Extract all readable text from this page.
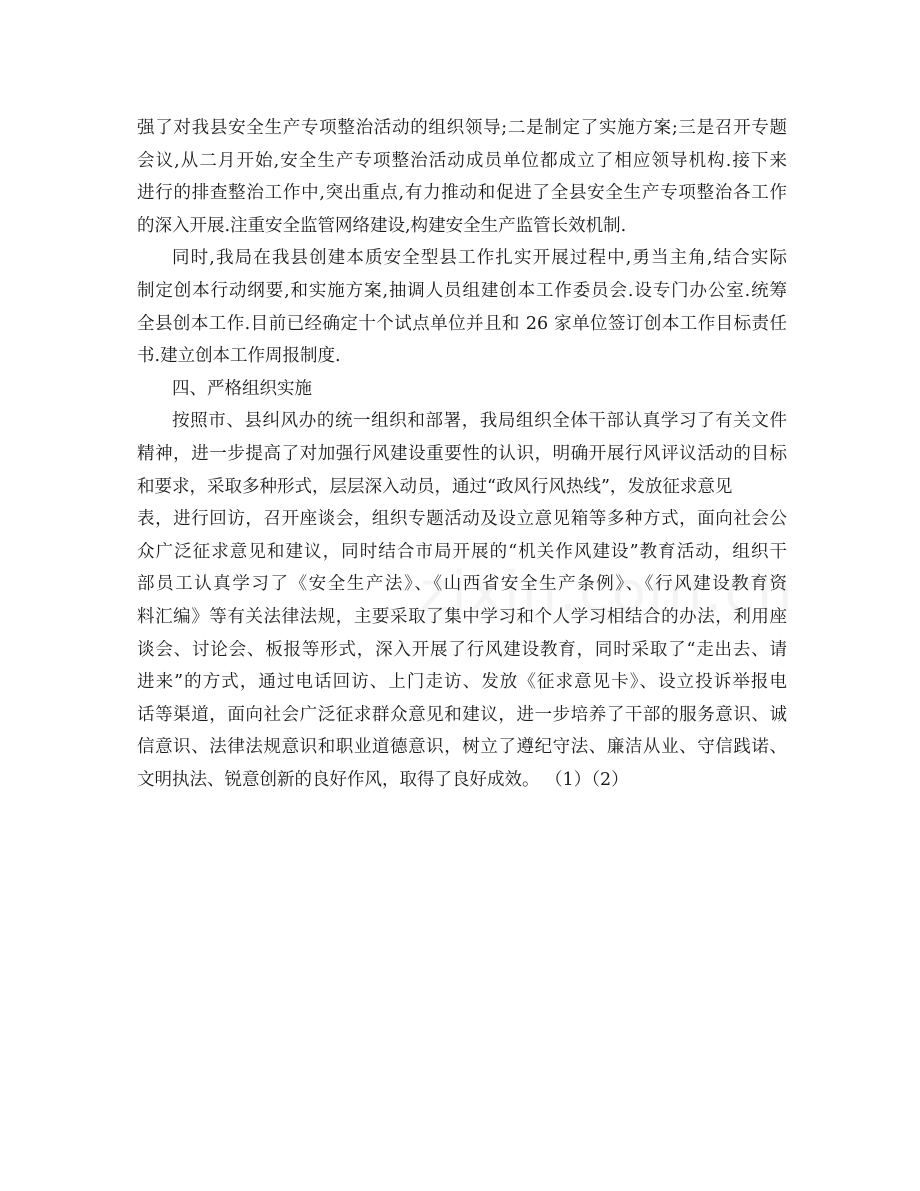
强了对我县安全生产专项整治活动的组织领导;二是制定了实施方案;三是召开专题
会议,从二月开始,安全生产专项整治活动成员单位都成立了相应领导机构.接下来
进行的排查整治工作中,突出重点,有力推动和促进了全县安全生产专项整治各工作
的深入开展.注重安全监管网络建设,构建安全生产监管长效机制.
同时,我局在我县创建本质安全型县工作扎实开展过程中,勇当主角,结合实际
制定创本行动纲要,和实施方案,抽调人员组建创本工作委员会.设专门办公室.统筹
全县创本工作.目前已经确定十个试点单位并且和 26 家单位签订创本工作目标责任
书.建立创本工作周报制度.
四、严格组织实施
按照市、县纠风办的统一组织和部署，我局组织全体干部认真学习了有关文件
精神，进一步提高了对加强行风建设重要性的认识，明确开展行风评议活动的目标
和要求，采取多种形式，层层深入动员，通过“政风行风热线”，发放征求意见
表，进行回访，召开座谈会，组织专题活动及设立意见箱等多种方式，面向社会公
众广泛征求意见和建议，同时结合市局开展的“机关作风建设”教育活动，组织干
部员工认真学习了《安全生产法》、《山西省安全生产条例》、《行风建设教育资
料汇编》等有关法律法规，主要采取了集中学习和个人学习相结合的办法，利用座
谈会、讨论会、板报等形式，深入开展了行风建设教育，同时采取了“走出去、请
进来”的方式，通过电话回访、上门走访、发放《征求意见卡》、设立投诉举报电
话等渠道，面向社会广泛征求群众意见和建议，进一步培养了干部的服务意识、诚
信意识、法律法规意识和职业道德意识，树立了遵纪守法、廉洁从业、守信践诺、
文明执法、锐意创新的良好作风，取得了良好成效。 （1）（2）
